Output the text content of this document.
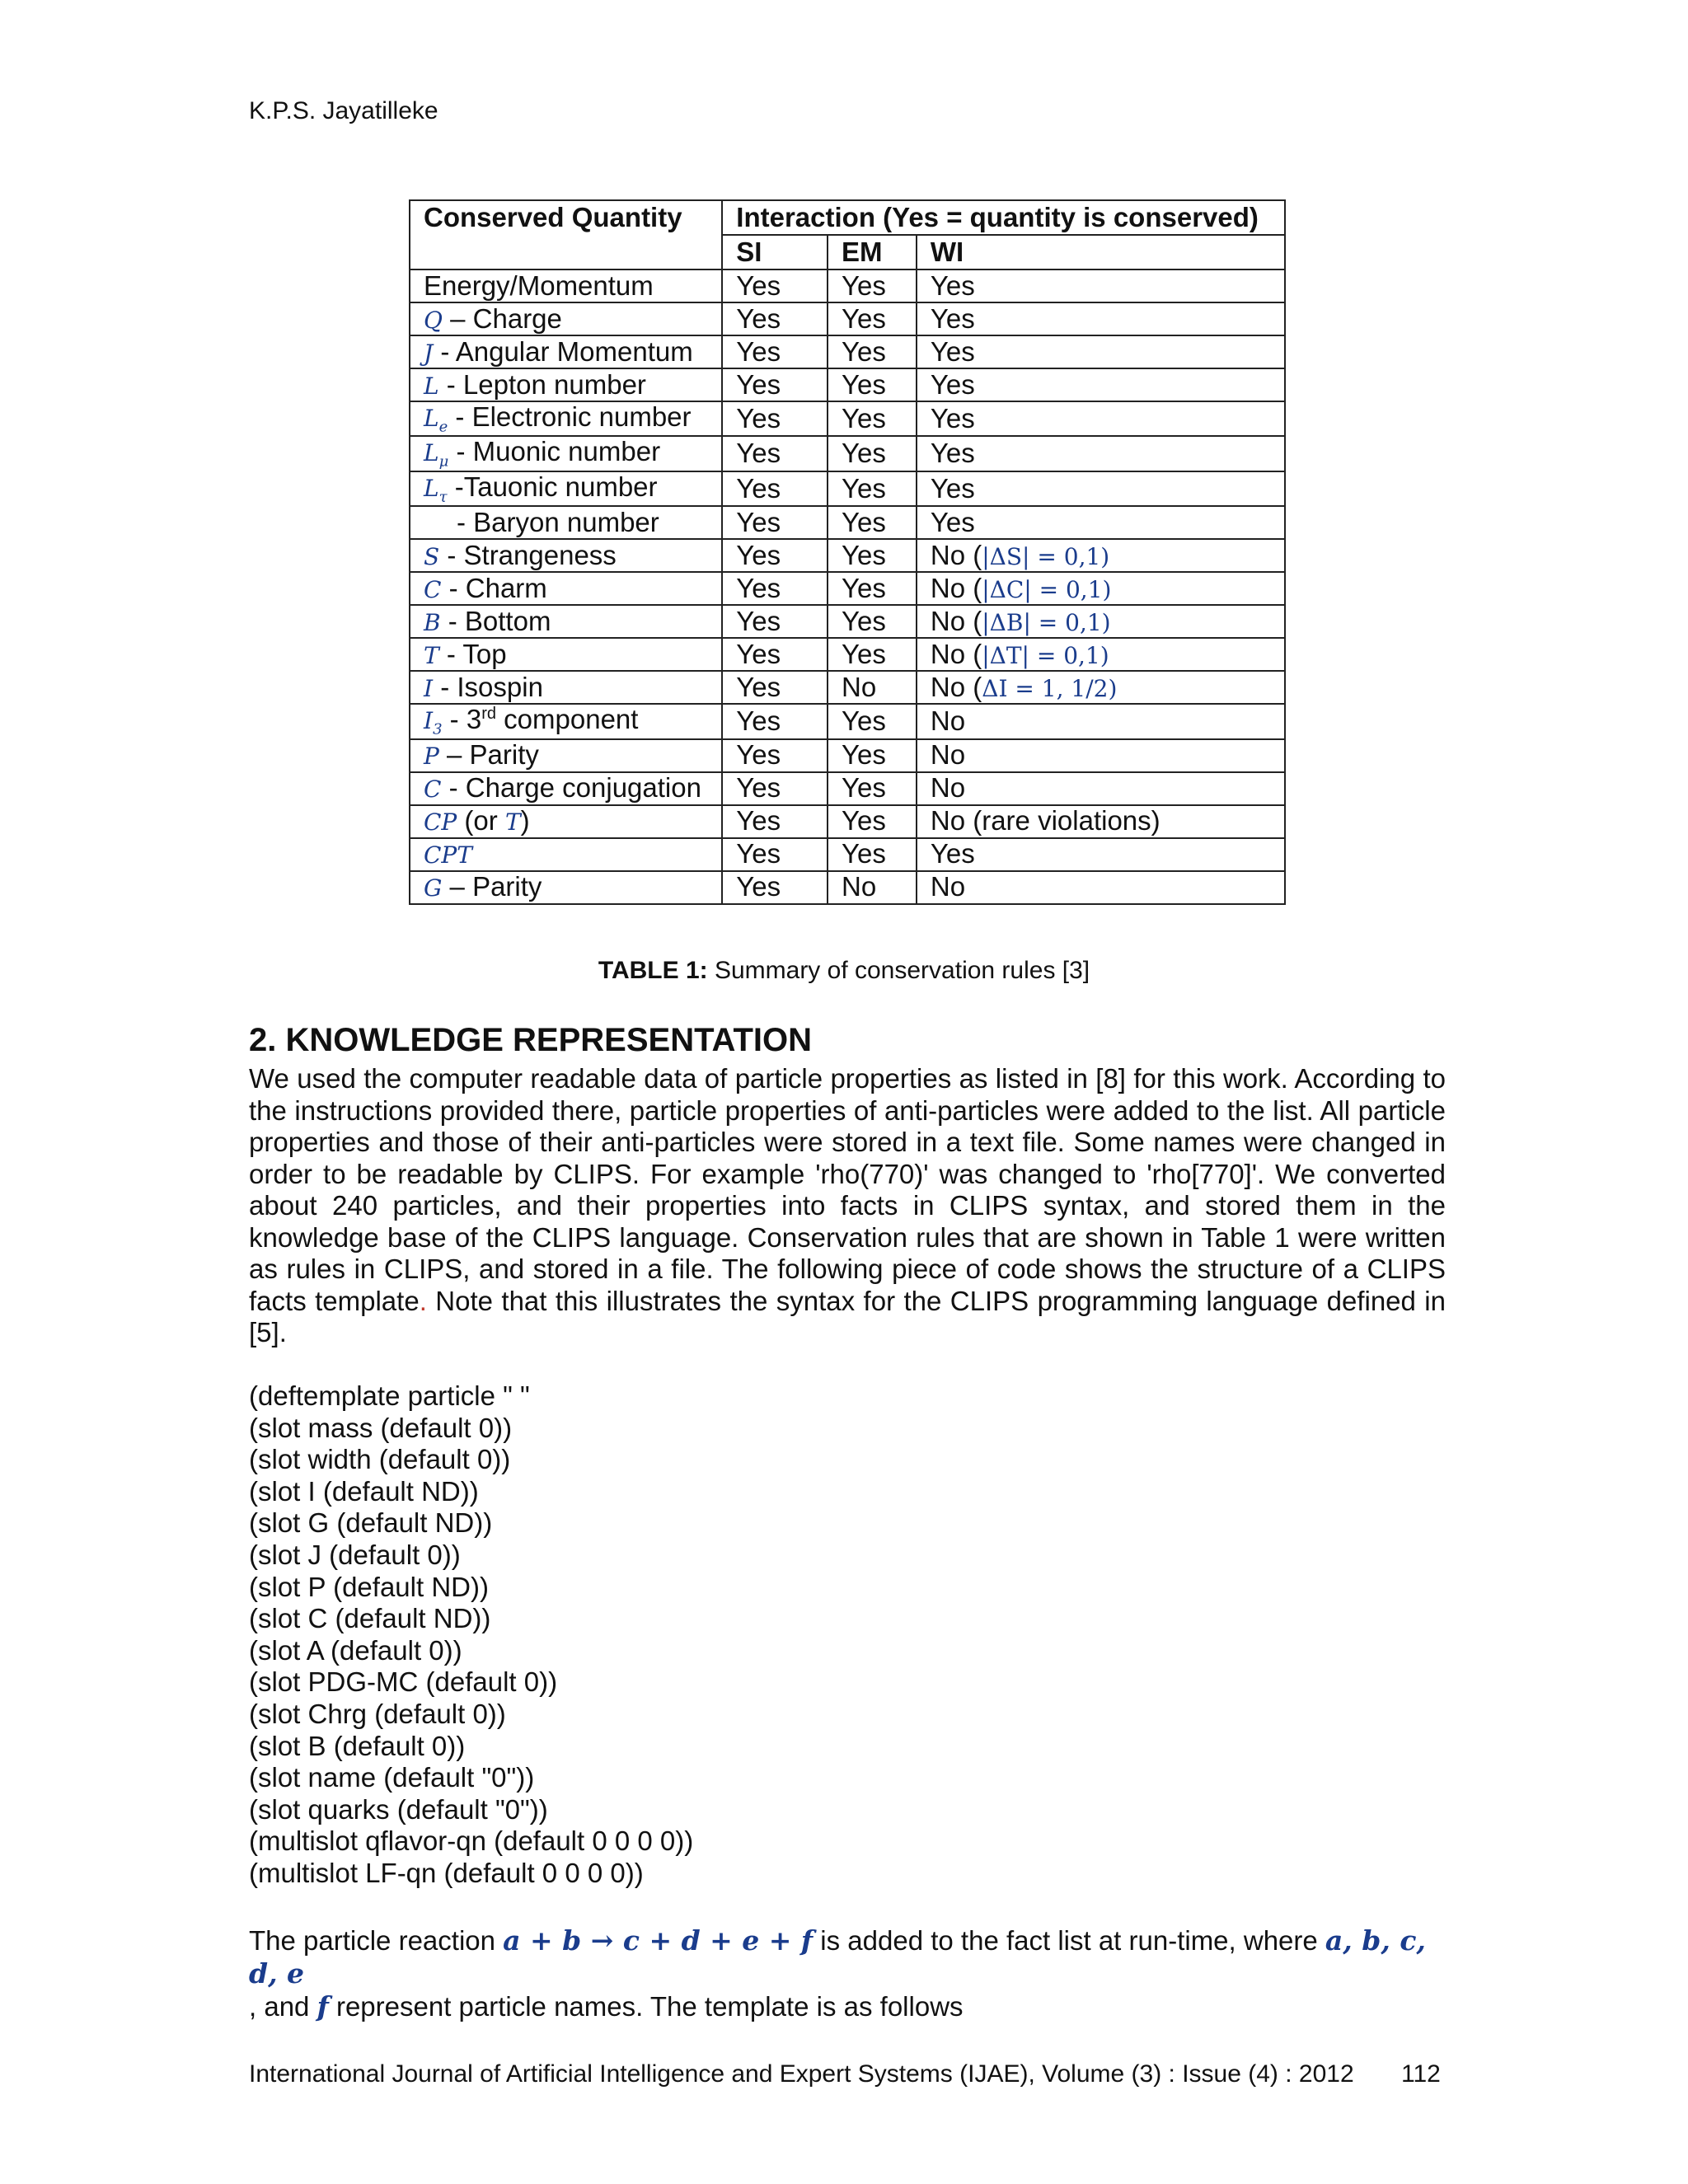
K.P.S. Jayatilleke
Conserved Quantity	Interaction (Yes = quantity is conserved)		
	SI	EM	WI
Energy/Momentum	Yes	Yes	Yes
Q – Charge	Yes	Yes	Yes
J - Angular Momentum	Yes	Yes	Yes
L - Lepton number	Yes	Yes	Yes
$L_e$ - Electronic number	Yes	Yes	Yes
$L_\mu$ - Muonic number	Yes	Yes	Yes
$L_\tau$ -Tauonic number	Yes	Yes	Yes
- Baryon number	Yes	Yes	Yes
S - Strangeness	Yes	Yes	No (|ΔS| = 0,1)
C - Charm	Yes	Yes	No (|ΔC| = 0,1)
B - Bottom	Yes	Yes	No (|ΔB| = 0,1)
T - Top	Yes	Yes	No (|ΔT| = 0,1)
I - Isospin	Yes	No	No (ΔI = 1, 1/2)
$I_3 - 3rd$ component	Yes	Yes	No
P – Parity	Yes	Yes	No
C - Charge conjugation	Yes	Yes	No
CP (or T)	Yes	Yes	No (rare violations)
CPT	Yes	Yes	Yes
G – Parity	Yes	No	No
TABLE 1: Summary of conservation rules [3]
2. KNOWLEDGE REPRESENTATION
We used the computer readable data of particle properties as listed in [8] for this work. According to the instructions provided there, particle properties of anti-particles were added to the list. All particle properties and those of their anti-particles were stored in a text file. Some names were changed in order to be readable by CLIPS. For example 'rho(770)' was changed to 'rho[770]'. We converted about 240 particles, and their properties into facts in CLIPS syntax, and stored them in the knowledge base of the CLIPS language. Conservation rules that are shown in Table 1 were written as rules in CLIPS, and stored in a file. The following piece of code shows the structure of a CLIPS facts template. Note that this illustrates the syntax for the CLIPS programming language defined in [5].
(deftemplate particle " "
(slot mass (default 0))
(slot width (default 0))
(slot I (default ND))
(slot G (default ND))
(slot J (default 0))
(slot P (default ND))
(slot C (default ND))
(slot A (default 0))
(slot PDG-MC (default 0))
(slot Chrg (default 0))
(slot B (default 0))
(slot name (default "0"))
(slot quarks (default "0"))
(multislot qflavor-qn (default 0 0 0 0))
(multislot LF-qn (default 0 0 0 0))
The particle reaction a + b → c + d + e + f is added to the fact list at run-time, where a, b, c, d, e
, and f represent particle names. The template is as follows
International Journal of Artificial Intelligence and Expert Systems (IJAE), Volume (3) : Issue (4) : 2012 112
